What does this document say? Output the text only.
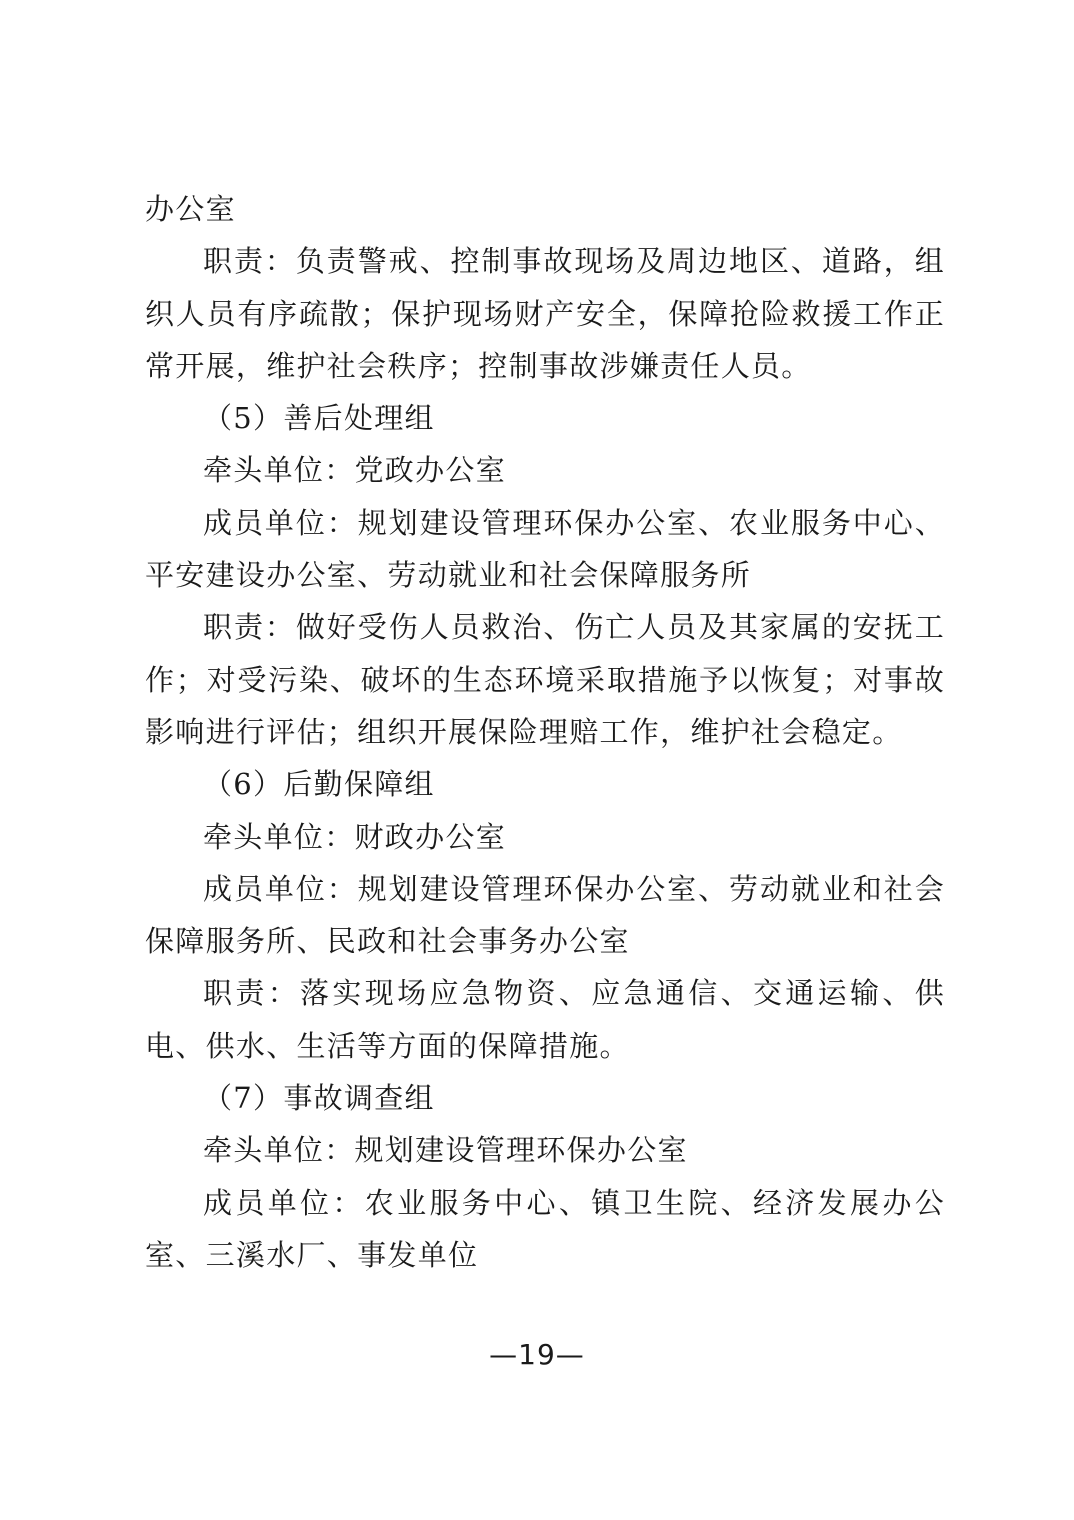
办公室

职责：负责警戒、控制事故现场及周边地区、道路，组织人员有序疏散；保护现场财产安全，保障抢险救援工作正常开展，维护社会秩序；控制事故涉嫌责任人员。

（5）善后处理组

牵头单位：党政办公室

成员单位：规划建设管理环保办公室、农业服务中心、平安建设办公室、劳动就业和社会保障服务所

职责：做好受伤人员救治、伤亡人员及其家属的安抚工作；对受污染、破坏的生态环境采取措施予以恢复；对事故影响进行评估；组织开展保险理赔工作，维护社会稳定。

（6）后勤保障组

牵头单位：财政办公室

成员单位：规划建设管理环保办公室、劳动就业和社会保障服务所、民政和社会事务办公室

职责：落实现场应急物资、应急通信、交通运输、供电、供水、生活等方面的保障措施。

（7）事故调查组

牵头单位：规划建设管理环保办公室

成员单位：农业服务中心、镇卫生院、经济发展办公室、三溪水厂、事发单位

—19—
